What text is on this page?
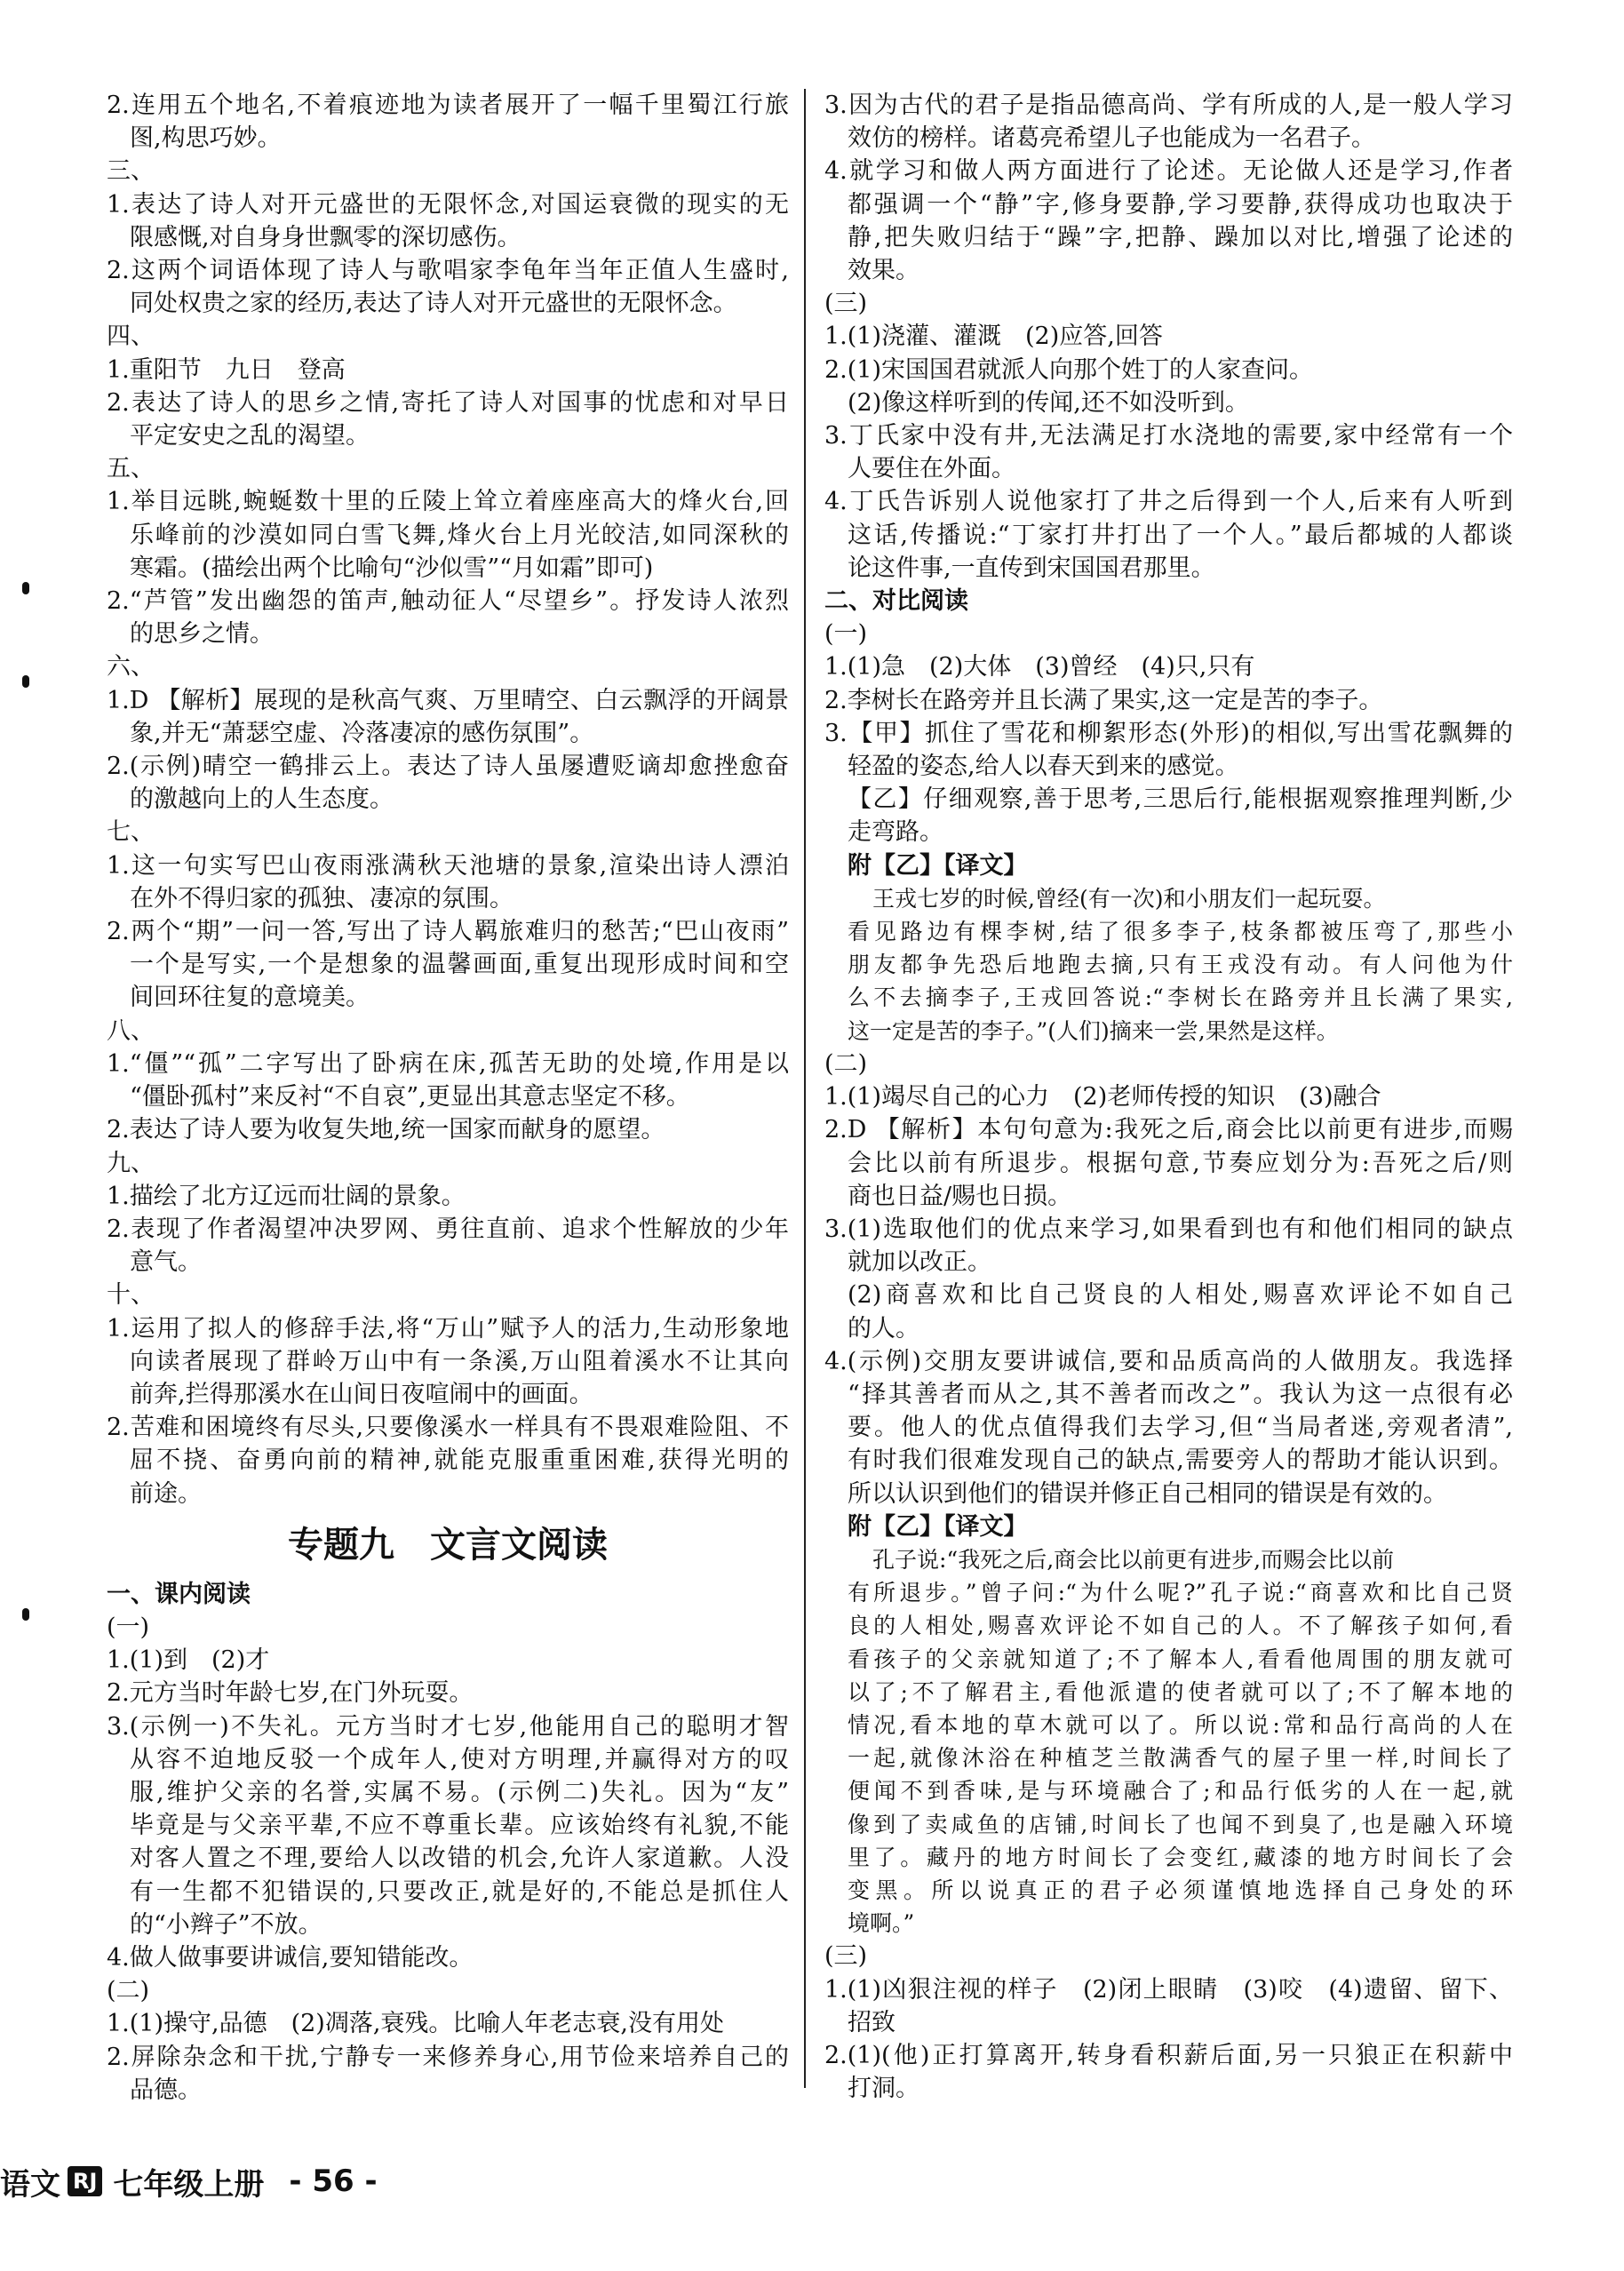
2.连用五个地名,不着痕迹地为读者展开了一幅千里蜀江行旅
图,构思巧妙。
三、
1.表达了诗人对开元盛世的无限怀念,对国运衰微的现实的无
限感慨,对自身身世飘零的深切感伤。
2.这两个词语体现了诗人与歌唱家李龟年当年正值人生盛时,
同处权贵之家的经历,表达了诗人对开元盛世的无限怀念。
四、
1.重阳节　九日　登高
2.表达了诗人的思乡之情,寄托了诗人对国事的忧虑和对早日
平定安史之乱的渴望。
五、
1.举目远眺,蜿蜒数十里的丘陵上耸立着座座高大的烽火台,回
乐峰前的沙漠如同白雪飞舞,烽火台上月光皎洁,如同深秋的
寒霜。(描绘出两个比喻句“沙似雪”“月如霜”即可)
2.“芦管”发出幽怨的笛声,触动征人“尽望乡”。抒发诗人浓烈
的思乡之情。
六、
1.D 【解析】展现的是秋高气爽、万里晴空、白云飘浮的开阔景
象,并无“萧瑟空虚、冷落凄凉的感伤氛围”。
2.(示例)晴空一鹤排云上。表达了诗人虽屡遭贬谪却愈挫愈奋
的激越向上的人生态度。
七、
1.这一句实写巴山夜雨涨满秋天池塘的景象,渲染出诗人漂泊
在外不得归家的孤独、凄凉的氛围。
2.两个“期”一问一答,写出了诗人羁旅难归的愁苦;“巴山夜雨”
一个是写实,一个是想象的温馨画面,重复出现形成时间和空
间回环往复的意境美。
八、
1.“僵”“孤”二字写出了卧病在床,孤苦无助的处境,作用是以
“僵卧孤村”来反衬“不自哀”,更显出其意志坚定不移。
2.表达了诗人要为收复失地,统一国家而献身的愿望。
九、
1.描绘了北方辽远而壮阔的景象。
2.表现了作者渴望冲决罗网、勇往直前、追求个性解放的少年
意气。
十、
1.运用了拟人的修辞手法,将“万山”赋予人的活力,生动形象地
向读者展现了群岭万山中有一条溪,万山阻着溪水不让其向
前奔,拦得那溪水在山间日夜喧闹中的画面。
2.苦难和困境终有尽头,只要像溪水一样具有不畏艰难险阻、不
屈不挠、奋勇向前的精神,就能克服重重困难,获得光明的
前途。
专题九　文言文阅读
一、课内阅读
(一)
1.(1)到　(2)才
2.元方当时年龄七岁,在门外玩耍。
3.(示例一)不失礼。元方当时才七岁,他能用自己的聪明才智
从容不迫地反驳一个成年人,使对方明理,并赢得对方的叹
服,维护父亲的名誉,实属不易。(示例二)失礼。因为“友”
毕竟是与父亲平辈,不应不尊重长辈。应该始终有礼貌,不能
对客人置之不理,要给人以改错的机会,允许人家道歉。人没
有一生都不犯错误的,只要改正,就是好的,不能总是抓住人
的“小辫子”不放。
4.做人做事要讲诚信,要知错能改。
(二)
1.(1)操守,品德　(2)凋落,衰残。比喻人年老志衰,没有用处
2.屏除杂念和干扰,宁静专一来修养身心,用节俭来培养自己的
品德。
3.因为古代的君子是指品德高尚、学有所成的人,是一般人学习
效仿的榜样。诸葛亮希望儿子也能成为一名君子。
4.就学习和做人两方面进行了论述。无论做人还是学习,作者
都强调一个“静”字,修身要静,学习要静,获得成功也取决于
静,把失败归结于“躁”字,把静、躁加以对比,增强了论述的
效果。
(三)
1.(1)浇灌、灌溉　(2)应答,回答
2.(1)宋国国君就派人向那个姓丁的人家查问。
(2)像这样听到的传闻,还不如没听到。
3.丁氏家中没有井,无法满足打水浇地的需要,家中经常有一个
人要住在外面。
4.丁氏告诉别人说他家打了井之后得到一个人,后来有人听到
这话,传播说:“丁家打井打出了一个人。”最后都城的人都谈
论这件事,一直传到宋国国君那里。
二、对比阅读
(一)
1.(1)急　(2)大体　(3)曾经　(4)只,只有
2.李树长在路旁并且长满了果实,这一定是苦的李子。
3.【甲】抓住了雪花和柳絮形态(外形)的相似,写出雪花飘舞的
轻盈的姿态,给人以春天到来的感觉。
【乙】仔细观察,善于思考,三思后行,能根据观察推理判断,少
走弯路。
附【乙】【译文】
王戎七岁的时候,曾经(有一次)和小朋友们一起玩耍。
看见路边有棵李树,结了很多李子,枝条都被压弯了,那些小
朋友都争先恐后地跑去摘,只有王戎没有动。有人问他为什
么不去摘李子,王戎回答说:“李树长在路旁并且长满了果实,
这一定是苦的李子。”(人们)摘来一尝,果然是这样。
(二)
1.(1)竭尽自己的心力　(2)老师传授的知识　(3)融合
2.D 【解析】本句句意为:我死之后,商会比以前更有进步,而赐
会比以前有所退步。根据句意,节奏应划分为:吾死之后/则
商也日益/赐也日损。
3.(1)选取他们的优点来学习,如果看到也有和他们相同的缺点
就加以改正。
(2)商喜欢和比自己贤良的人相处,赐喜欢评论不如自己
的人。
4.(示例)交朋友要讲诚信,要和品质高尚的人做朋友。我选择
“择其善者而从之,其不善者而改之”。我认为这一点很有必
要。他人的优点值得我们去学习,但“当局者迷,旁观者清”,
有时我们很难发现自己的缺点,需要旁人的帮助才能认识到。
所以认识到他们的错误并修正自己相同的错误是有效的。
附【乙】【译文】
孔子说:“我死之后,商会比以前更有进步,而赐会比以前
有所退步。”曾子问:“为什么呢?”孔子说:“商喜欢和比自己贤
良的人相处,赐喜欢评论不如自己的人。不了解孩子如何,看
看孩子的父亲就知道了;不了解本人,看看他周围的朋友就可
以了;不了解君主,看他派遣的使者就可以了;不了解本地的
情况,看本地的草木就可以了。所以说:常和品行高尚的人在
一起,就像沐浴在种植芝兰散满香气的屋子里一样,时间长了
便闻不到香味,是与环境融合了;和品行低劣的人在一起,就
像到了卖咸鱼的店铺,时间长了也闻不到臭了,也是融入环境
里了。藏丹的地方时间长了会变红,藏漆的地方时间长了会
变黑。所以说真正的君子必须谨慎地选择自己身处的环
境啊。”
(三)
1.(1)凶狠注视的样子　(2)闭上眼睛　(3)咬　(4)遗留、留下、
招致
2.(1)(他)正打算离开,转身看积薪后面,另一只狼正在积薪中
打洞。
语文 RJ 七年级上册 - 56 -
